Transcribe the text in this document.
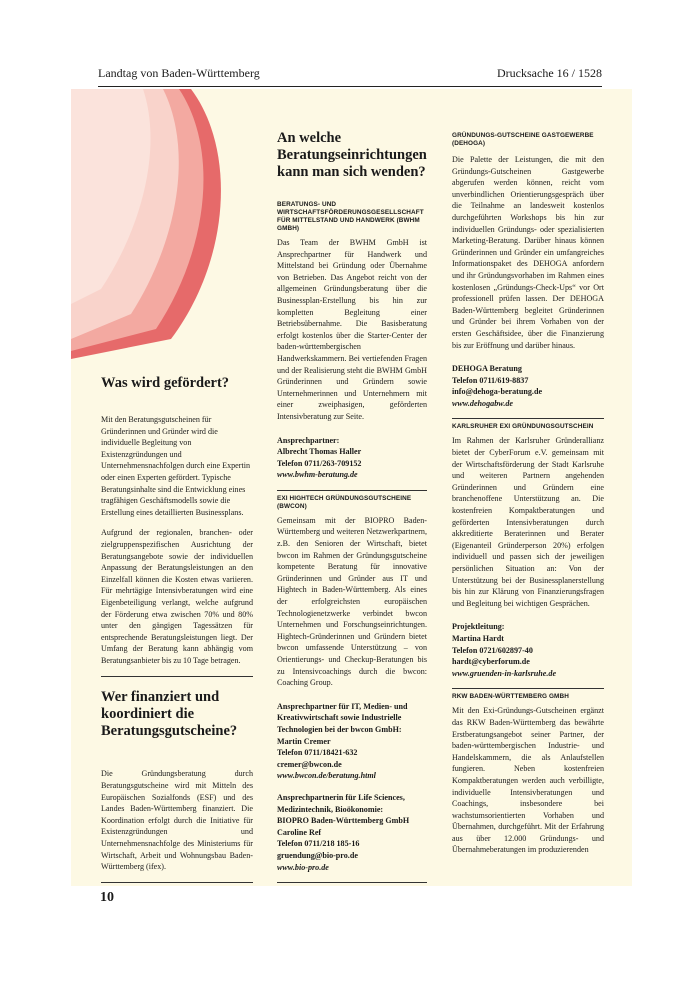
Landtag von Baden-Württemberg	Drucksache 16 / 1528
Was wird gefördert?

Mit den Beratungsgutscheinen für Gründerinnen und Gründer wird die individuelle Begleitung von Existenzgründungen und Unternehmensnachfolgen durch eine Expertin oder einen Experten gefördert. Typische Beratungsinhalte sind die Entwicklung eines tragfähigen Geschäftsmodells sowie die Erstellung eines detaillierten Businessplans.

Aufgrund der regionalen, branchen- oder zielgruppenspezifischen Ausrichtung der Beratungsangebote sowie der individuellen Anpassung der Beratungsleistungen an den Einzelfall können die Kosten etwas variieren. Für mehrtägige Intensivberatungen wird eine Eigenbeteiligung verlangt, welche aufgrund der Förderung etwa zwischen 70% und 80% unter den gängigen Tagessätzen für entsprechende Beratungsleistungen liegt. Der Umfang der Beratung kann abhängig vom Beratungsanbieter bis zu 10 Tage betragen.

Wer finanziert und koordiniert die Beratungsgutscheine?

Die Gründungsberatung durch Beratungsgutscheine wird mit Mitteln des Europäischen Sozialfonds (ESF) und des Landes Baden-Württemberg finanziert. Die Koordination erfolgt durch die Initiative für Existenzgründungen und Unternehmensnachfolge des Ministeriums für Wirtschaft, Arbeit und Wohnungsbau Baden-Württemberg (ifex).

An welche Beratungseinrichtungen kann man sich wenden?
BERATUNGS- UND WIRTSCHAFTSFÖRDERUNGSGESELLSCHAFT FÜR MITTELSTAND UND HANDWERK (BWHM GMBH)

Das Team der BWHM GmbH ist Ansprechpartner für Handwerk und Mittelstand bei Gründung oder Übernahme von Betrieben. Das Angebot reicht von der allgemeinen Gründungsberatung über die Businessplan-Erstellung bis hin zur kompletten Begleitung einer Betriebsübernahme. Die Basisberatung erfolgt kostenlos über die Starter-Center der baden-württembergischen Handwerkskammern. Bei vertiefenden Fragen und der Realisierung steht die BWHM GmbH Gründerinnen und Gründern sowie Unternehmerinnen und Unternehmern mit einer zweiphasigen, geförderten Intensivberatung zur Seite.

Ansprechpartner:
Albrecht Thomas Haller
Telefon 0711/263-709152
www.bwhm-beratung.de
EXI HIGHTECH GRÜNDUNGSGUTSCHEINE (BWCON)

Gemeinsam mit der BIOPRO Baden-Württemberg und weiteren Netzwerkpartnern, z.B. den Senioren der Wirtschaft, bietet bwcon im Rahmen der Gründungsgutscheine kompetente Beratung für innovative Gründerinnen und Gründer aus IT und Hightech in Baden-Württemberg. Als eines der erfolgreichsten europäischen Technologienetzwerke verbindet bwcon Unternehmen und Forschungseinrichtungen. Hightech-Gründerinnen und Gründern bietet bwcon umfassende Unterstützung – von Orientierungs- und Checkup-Beratungen bis zu Intensivcoachings durch die bwcon: Coaching Group.

Ansprechpartner für IT, Medien- und Kreativwirtschaft sowie Industrielle Technologien bei der bwcon GmbH:
Martin Cremer
Telefon 0711/18421-632
cremer@bwcon.de
www.bwcon.de/beratung.html
Ansprechpartnerin für Life Sciences, Medizintechnik, Bioökonomie:
BIOPRO Baden-Württemberg GmbH
Caroline Ref
Telefon 0711/218 185-16
gruendung@bio-pro.de
www.bio-pro.de
GRÜNDUNGS-GUTSCHEINE GASTGEWERBE (DEHOGA)

Die Palette der Leistungen, die mit den Gründungs-Gutscheinen Gastgewerbe abgerufen werden können, reicht vom unverbindlichen Orientierungsgespräch über die Teilnahme an landesweit kostenlos durchgeführten Workshops bis hin zur individuellen Gründungs- oder spezialisierten Marketing-Beratung. Darüber hinaus können Gründerinnen und Gründer ein umfangreiches Informationspaket des DEHOGA anfordern und ihr Gründungsvorhaben im Rahmen eines kostenlosen „Gründungs-Check-Ups“ vor Ort professionell prüfen lassen. Der DEHOGA Baden-Württemberg begleitet Gründerinnen und Gründer bei ihrem Vorhaben von der ersten Geschäftsidee, über die Finanzierung bis zur Eröffnung und darüber hinaus.

DEHOGA Beratung
Telefon 0711/619-8837
info@dehoga-beratung.de
www.dehogabw.de
KARLSRUHER EXI GRÜNDUNGSGUTSCHEIN

Im Rahmen der Karlsruher Gründerallianz bietet der CyberForum e.V. gemeinsam mit der Wirtschaftsförderung der Stadt Karlsruhe und weiteren Partnern angehenden Gründerinnen und Gründern eine branchenoffene Unterstützung an. Die kostenfreien Kompaktberatungen und geförderten Intensivberatungen durch akkreditierte Beraterinnen und Berater (Eigenanteil Gründerperson 20%) erfolgen individuell und passen sich der jeweiligen persönlichen Situation an: Von der Unterstützung bei der Businessplanerstellung bis hin zur Klärung von Finanzierungsfragen und Begleitung bei wichtigen Gesprächen.

Projektleitung:
Martina Hardt
Telefon 0721/602897-40
hardt@cyberforum.de
www.gruenden-in-karlsruhe.de
RKW BADEN-WÜRTTEMBERG GMBH

Mit den Exi-Gründungs-Gutscheinen ergänzt das RKW Baden-Württemberg das bewährte Erstberatungsangebot seiner Partner, der baden-württembergischen Industrie- und Handelskammern, die als Anlaufstellen fungieren. Neben kostenfreien Kompaktberatungen werden auch verbilligte, individuelle Intensivberatungen und Coachings, insbesondere bei wachstumsorientierten Vorhaben und Übernahmen, durchgeführt. Mit der Erfahrung aus über 12.000 Gründungs- und Übernahmeberatungen im produzierenden

10
